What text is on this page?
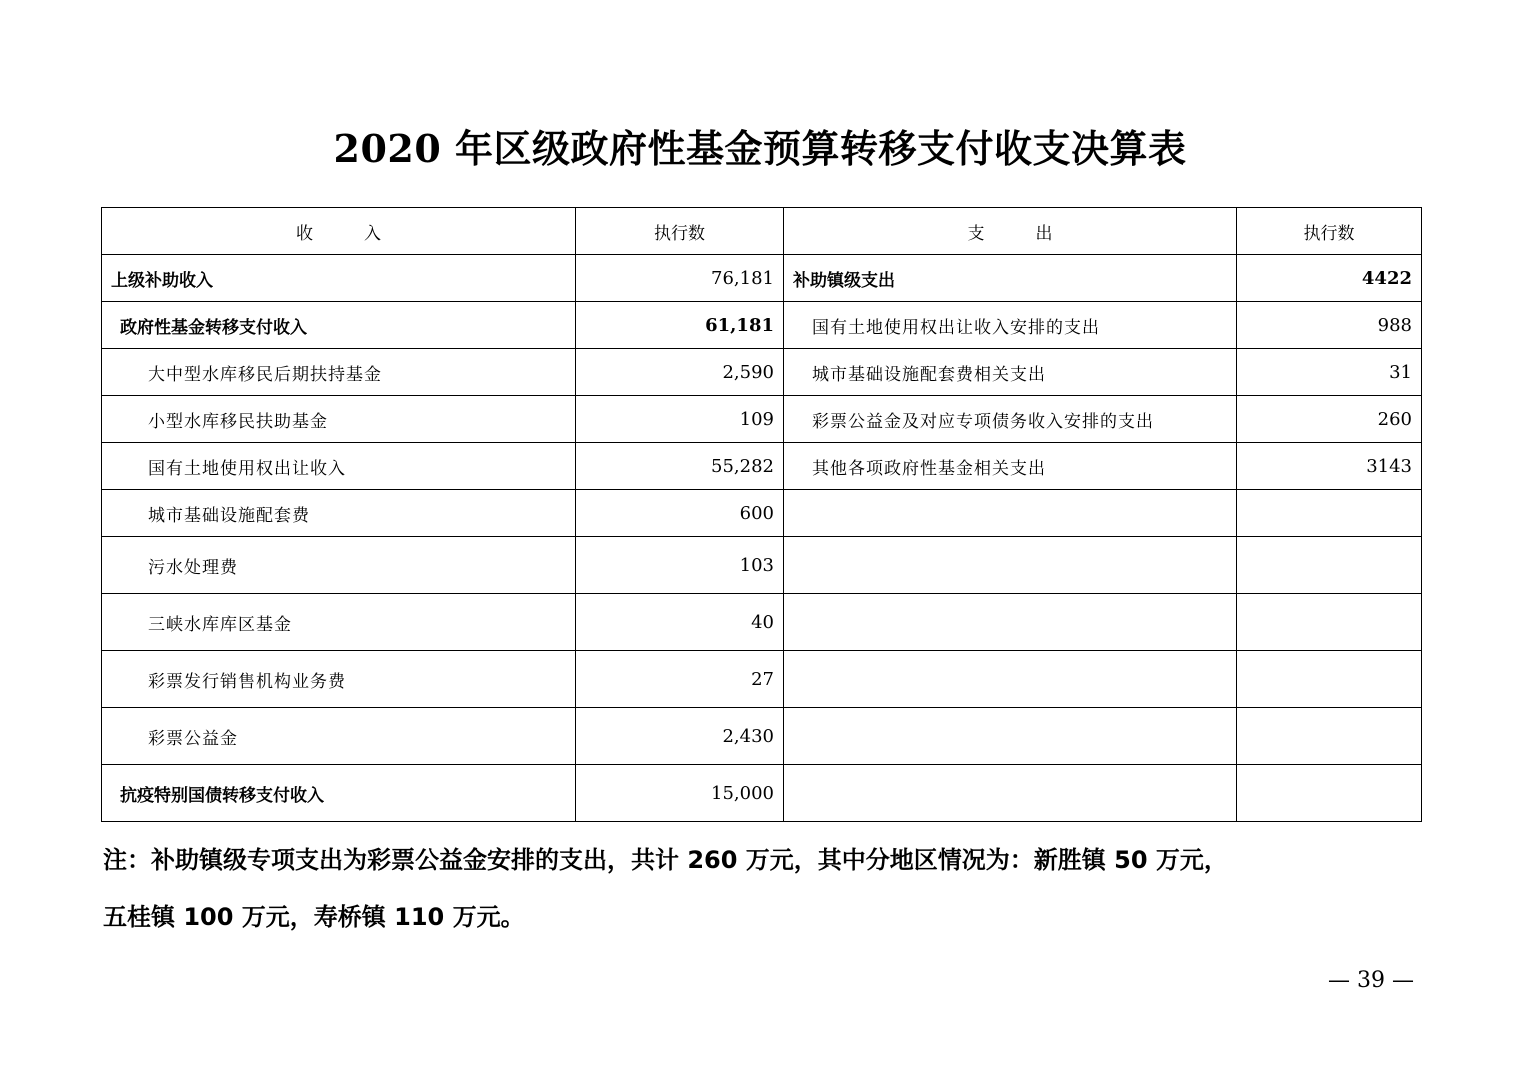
2020 年区级政府性基金预算转移支付收支决算表
收　　　入	执行数	支　　　出	执行数
上级补助收入	76,181	补助镇级支出	4422
政府性基金转移支付收入	61,181	国有土地使用权出让收入安排的支出	988
大中型水库移民后期扶持基金	2,590	城市基础设施配套费相关支出	31
小型水库移民扶助基金	109	彩票公益金及对应专项债务收入安排的支出	260
国有土地使用权出让收入	55,282	其他各项政府性基金相关支出	3143
城市基础设施配套费	600		
污水处理费	103		
三峡水库库区基金	40		
彩票发行销售机构业务费	27		
彩票公益金	2,430		
抗疫特别国债转移支付收入	15,000		
注：补助镇级专项支出为彩票公益金安排的支出，共计 260 万元，其中分地区情况为：新胜镇 50 万元，
五桂镇 100 万元，寿桥镇 110 万元。
— 39 —
